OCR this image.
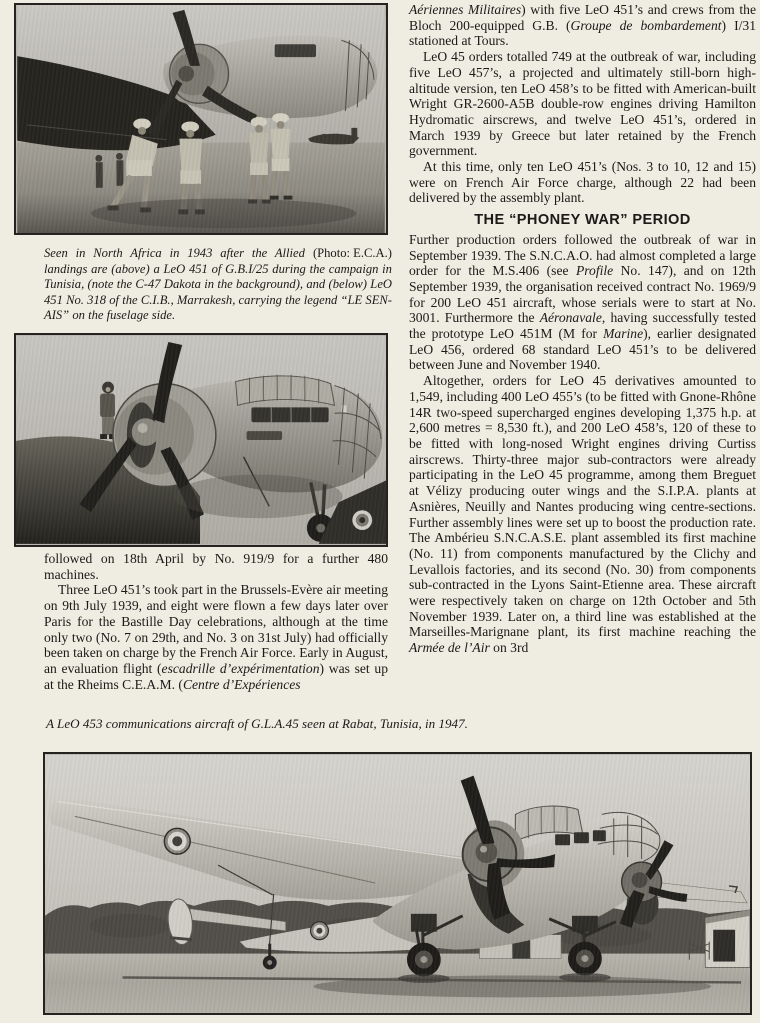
(Photo: E.C.A.)
Seen in North Africa in 1943 after the Allied landings are (above) a LeO 451 of G.B.I/25 during the campaign in Tunisia, (note the C-47 Dakota in the background), and (below) LeO 451 No. 318 of the C.I.B., Marrakesh, carrying the legend “LE SEN-AIS” on the fuselage side.

followed on 18th April by No. 919/9 for a further 480 machines.

Three LeO 451’s took part in the Brussels-Evère air meeting on 9th July 1939, and eight were flown a few days later over Paris for the Bastille Day celebrations, although at the time only two (No. 7 on 29th, and No. 3 on 31st July) had officially been taken on charge by the French Air Force. Early in August, an evaluation flight (escadrille d’expérimentation) was set up at the Rheims C.E.A.M. (Centre d’Expériences

Aériennes Militaires) with five LeO 451’s and crews from the Bloch 200-equipped G.B. (Groupe de bombardement) I/31 stationed at Tours.

LeO 45 orders totalled 749 at the outbreak of war, including five LeO 457’s, a projected and ultimately still-born high-altitude version, ten LeO 458’s to be fitted with American-built Wright GR-2600-A5B double-row engines driving Hamilton Hydromatic airscrews, and twelve LeO 451’s, ordered in March 1939 by Greece but later retained by the French government.

At this time, only ten LeO 451’s (Nos. 3 to 10, 12 and 15) were on French Air Force charge, although 22 had been delivered by the assembly plant.

THE “PHONEY WAR” PERIOD

Further production orders followed the outbreak of war in September 1939. The S.N.C.A.O. had almost completed a large order for the M.S.406 (see Profile No. 147), and on 12th September 1939, the organisation received contract No. 1969/9 for 200 LeO 451 aircraft, whose serials were to start at No. 3001. Furthermore the Aéronavale, having successfully tested the prototype LeO 451M (M for Marine), earlier designated LeO 456, ordered 68 standard LeO 451’s to be delivered between June and November 1940.

Altogether, orders for LeO 45 derivatives amounted to 1,549, including 400 LeO 455’s (to be fitted with Gnone-Rhône 14R two-speed supercharged engines developing 1,375 h.p. at 2,600 metres = 8,530 ft.), and 200 LeO 458’s, 120 of these to be fitted with long-nosed Wright engines driving Curtiss airscrews. Thirty-three major sub-contractors were already participating in the LeO 45 programme, among them Breguet at Vélizy producing outer wings and the S.I.P.A. plants at Asnières, Neuilly and Nantes producing wing centre-sections. Further assembly lines were set up to boost the production rate. The Ambérieu S.N.C.A.S.E. plant assembled its first machine (No. 11) from components manufactured by the Clichy and Levallois factories, and its second (No. 30) from components sub-contracted in the Lyons Saint-Etienne area. These aircraft were respectively taken on charge on 12th October and 5th November 1939. Later on, a third line was established at the Marseilles-Marignane plant, its first machine reaching the Armée de l’Air on 3rd

A LeO 453 communications aircraft of G.L.A.45 seen at Rabat, Tunisia, in 1947.
